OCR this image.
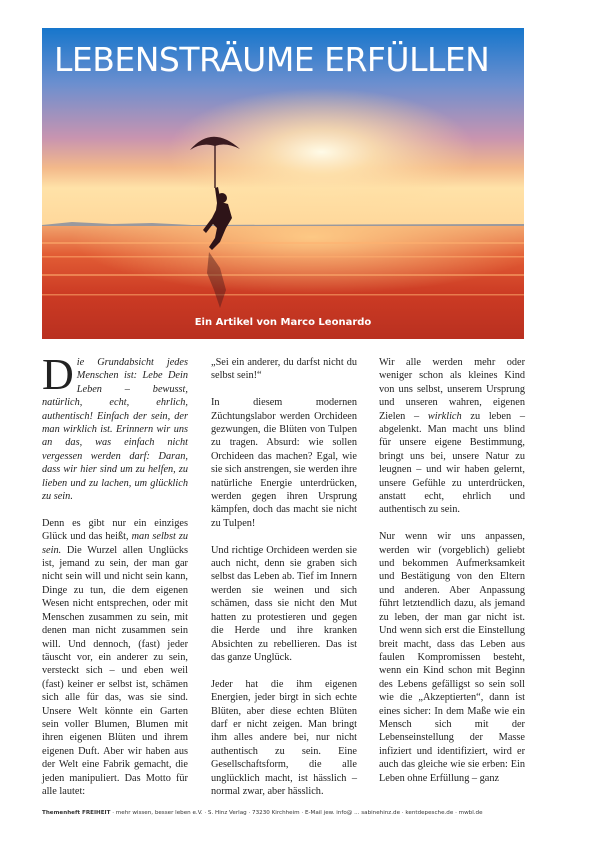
LEBENSTRÄUME ERFÜLLEN
Ein Artikel von Marco Leonardo

Die Grundabsicht jedes Menschen ist: Lebe Dein Leben – bewusst, natürlich, echt, ehrlich, authentisch! Einfach der sein, der man wirklich ist. Erinnern wir uns an das, was einfach nicht vergessen werden darf: Daran, dass wir hier sind um zu helfen, zu lieben und zu lachen, um glücklich zu sein.

Denn es gibt nur ein einziges Glück und das heißt, man selbst zu sein. Die Wurzel allen Unglücks ist, jemand zu sein, der man gar nicht sein will und nicht sein kann, Dinge zu tun, die dem eigenen Wesen nicht entsprechen, oder mit Menschen zusammen zu sein, mit denen man nicht zusammen sein will. Und dennoch, (fast) jeder täuscht vor, ein anderer zu sein, versteckt sich – und eben weil (fast) keiner er selbst ist, schämen sich alle für das, was sie sind. Unsere Welt könnte ein Garten sein voller Blumen, Blumen mit ihren eigenen Blüten und ihrem eigenen Duft. Aber wir haben aus der Welt eine Fabrik gemacht, die jeden manipuliert. Das Motto für alle lautet:

„Sei ein anderer, du darfst nicht du selbst sein!“

In diesem modernen Züchtungslabor werden Orchideen gezwungen, die Blüten von Tulpen zu tragen. Absurd: wie sollen Orchideen das machen? Egal, wie sie sich anstrengen, sie werden ihre natürliche Energie unterdrücken, werden gegen ihren Ursprung kämpfen, doch das macht sie nicht zu Tulpen!

Und richtige Orchideen werden sie auch nicht, denn sie graben sich selbst das Leben ab. Tief im Innern werden sie weinen und sich schämen, dass sie nicht den Mut hatten zu protestieren und gegen die Herde und ihre kranken Absichten zu rebellieren. Das ist das ganze Unglück.

Jeder hat die ihm eigenen Energien, jeder birgt in sich echte Blüten, aber diese echten Blüten darf er nicht zeigen. Man bringt ihm alles andere bei, nur nicht authentisch zu sein. Eine Gesellschaftsform, die alle unglücklich macht, ist hässlich – normal zwar, aber hässlich.

Wir alle werden mehr oder weniger schon als kleines Kind von uns selbst, unserem Ursprung und unseren wahren, eigenen Zielen – wirklich zu leben – abgelenkt. Man macht uns blind für unsere eigene Bestimmung, bringt uns bei, unsere Natur zu leugnen – und wir haben gelernt, unsere Gefühle zu unterdrücken, anstatt echt, ehrlich und authentisch zu sein.

Nur wenn wir uns anpassen, werden wir (vorgeblich) geliebt und bekommen Aufmerksamkeit und Bestätigung von den Eltern und anderen. Aber Anpassung führt letztendlich dazu, als jemand zu leben, der man gar nicht ist. Und wenn sich erst die Einstellung breit macht, dass das Leben aus faulen Kompromissen besteht, wenn ein Kind schon mit Beginn des Lebens gefälligst so sein soll wie die „Akzeptierten“, dann ist eines sicher: In dem Maße wie ein Mensch sich mit der Lebenseinstellung der Masse infiziert und identifiziert, wird er auch das gleiche wie sie erben: Ein Leben ohne Erfüllung – ganz

Themenheft FREIHEIT · mehr wissen, besser leben e.V. · S. Hinz Verlag · 73230 Kirchheim · E-Mail jew. info@ ... sabinehinz.de · kentdepesche.de · mwbl.de
